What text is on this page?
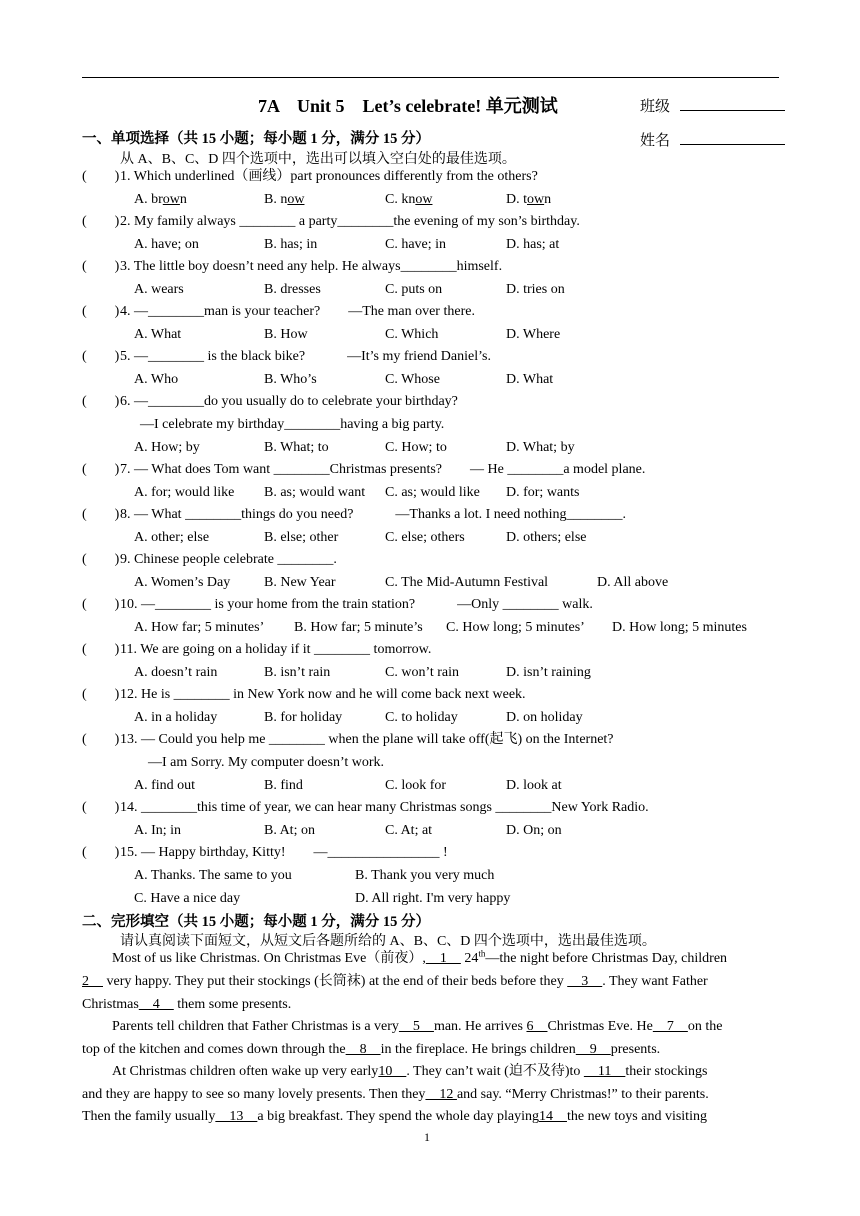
7A　Unit 5　Let’s celebrate! 单元测试	班级
姓名
一、单项选择（共 15 小题；每小题 1 分，满分 15 分）
从 A、B、C、D 四个选项中，选出可以填入空白处的最佳选项。
(　　)1. Which underlined（画线）part pronounces differently from the others?
A. brown	B. now	C. know	D. town
(　　)2. My family always ________ a party________the evening of my son’s birthday.
A. have; on	B. has; in	C. have; in	D. has; at
(　　)3. The little boy doesn’t need any help. He always________himself.
A. wears	B. dresses	C. puts on	D. tries on
(　　)4. —________man is your teacher?　　—The man over there.
A. What	B. How	C. Which	D. Where
(　　)5. —________ is the black bike?　　　—It’s my friend Daniel’s.
A. Who	B. Who’s	C. Whose	D. What
(　　)6. —________do you usually do to celebrate your birthday?
—I celebrate my birthday________having a big party.
A. How; by	B. What; to	C. How; to	D. What; by
(　　)7. — What does Tom want ________Christmas presents?　　— He ________a model plane.
A. for; would like B. as; would want C. as; would like D. for; wants
(　　)8. — What ________things do you need?　　　—Thanks a lot. I need nothing________.
A. other; else	B. else; other	C. else; others	D. others; else
(　　)9. Chinese people celebrate ________.
A. Women’s Day B. New Year	C. The Mid-Autumn Festival	D. All above
(　　)10. —________ is your home from the train station?　　　—Only ________ walk.
A. How far; 5 minutes’ B. How far; 5 minute’s C. How long; 5 minutes’ D. How long; 5 minutes
(　　)11. We are going on a holiday if it ________ tomorrow.
A. doesn’t rain	B. isn’t rain	C. won’t rain	D. isn’t raining
(　　)12. He is ________ in New York now and he will come back next week.
A. in a holiday	B. for holiday	C. to holiday	D. on holiday
(　　)13. — Could you help me ________ when the plane will take off(起飞) on the Internet?
—I am Sorry. My computer doesn’t work.
A. find out	B. find	C. look for	D. look at
(　　)14. ________this time of year, we can hear many Christmas songs ________New York Radio.
A. In; in	B. At; on	C. At; at	D. On; on
(　　)15. — Happy birthday, Kitty!　　—________________ !
A. Thanks. The same to you	B. Thank you very much
C. Have a nice day	D. All right. I'm very happy
二、完形填空（共 15 小题；每小题 1 分，满分 15 分）
请认真阅读下面短文，从短文后各题所给的 A、B、C、D 四个选项中，选出最佳选项。
Most of us like Christmas. On Christmas Eve（前夜）,　1　 24th—the night before Christmas Day, children
2　 very happy. They put their stockings (长筒袜) at the end of their beds before they 　3　. They want Father
Christmas　4　 them some presents.
Parents tell children that Father Christmas is a very　5　man. He arrives 6　Christmas Eve. He　7　on the
top of the kitchen and comes down through the　8　in the fireplace. He brings children　9　presents.
At Christmas children often wake up very early10　. They can’t wait (迫不及待)to 　11　their stockings
and they are happy to see so many lovely presents. Then they　12 and say. “Merry Christmas!” to their parents.
Then the family usually　13　a big breakfast. They spend the whole day playing14　the new toys and visiting
1
